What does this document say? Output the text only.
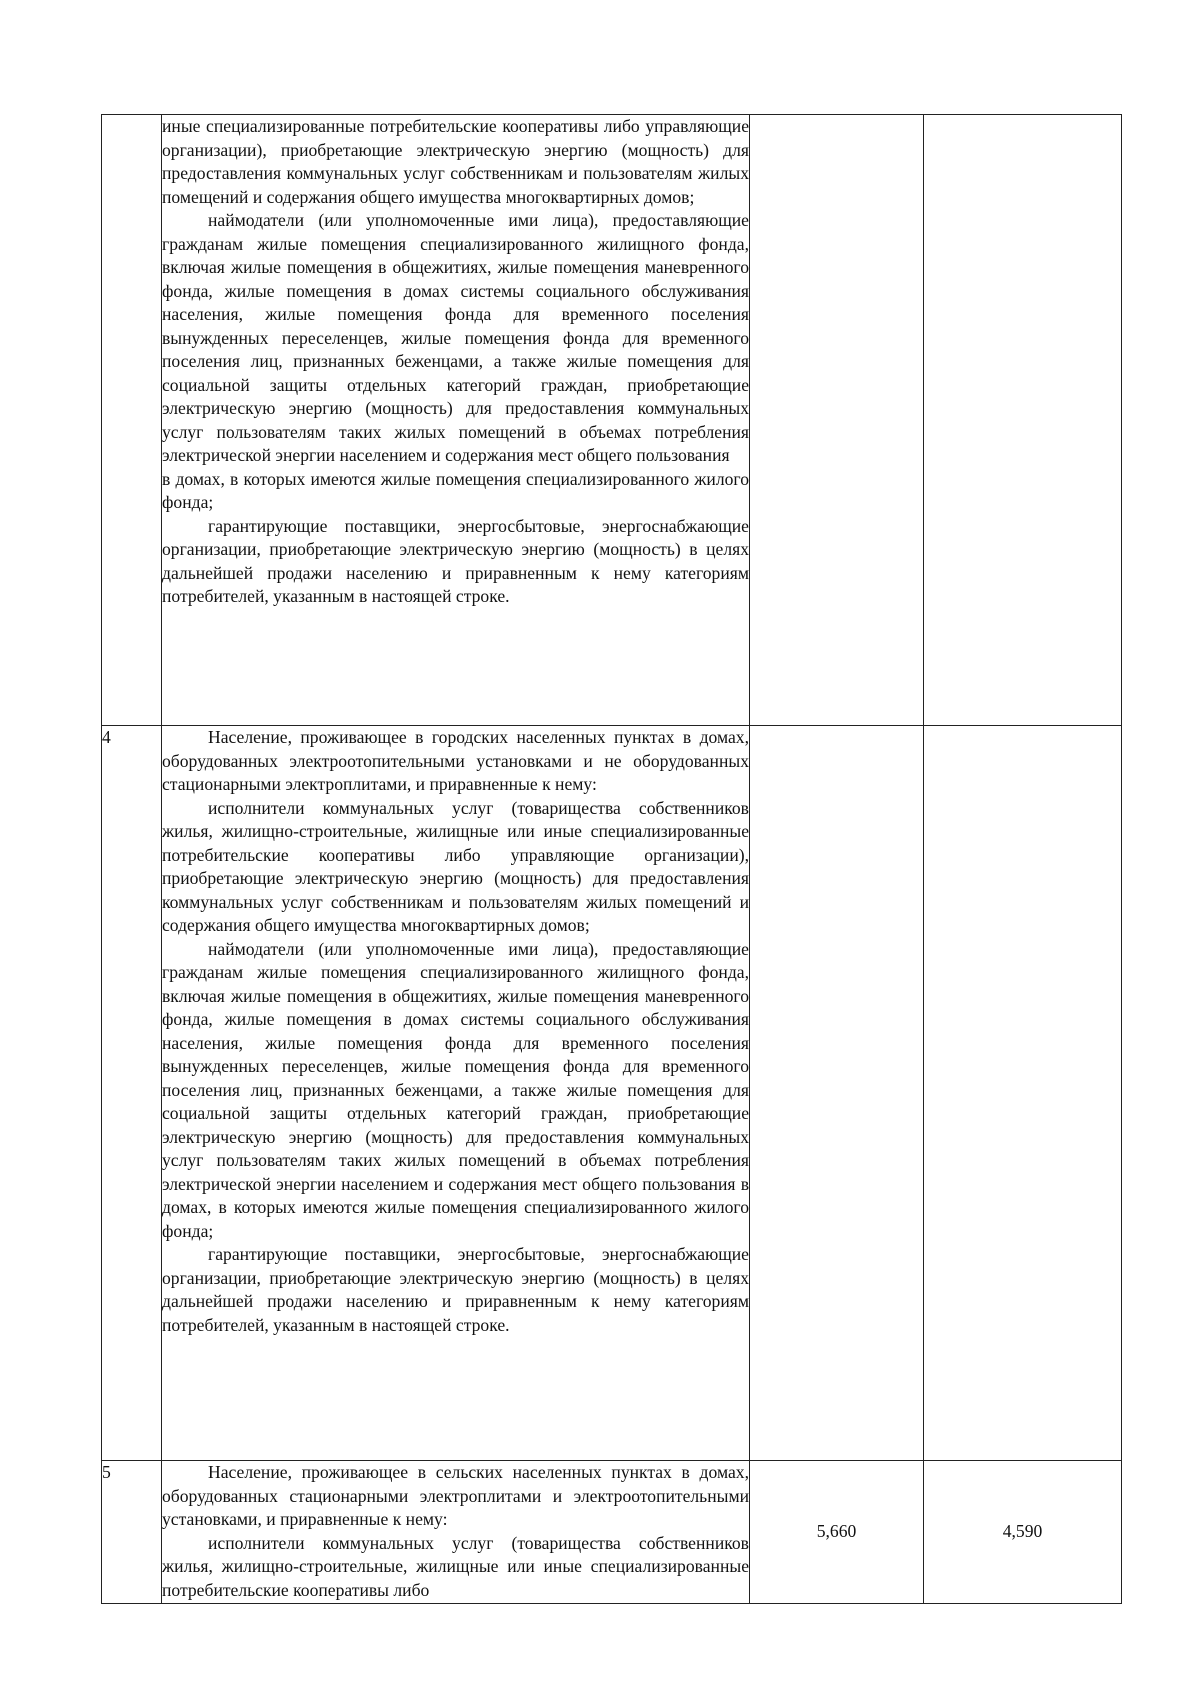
	иные специализированные потребительские кооперативы либо управляющие организации), приобретающие электрическую энергию (мощность) для предоставления коммунальных услуг собственникам и пользователям жилых помещений и содержания общего имущества многоквартирных домов;

наймодатели (или уполномоченные ими лица), предоставляющие гражданам жилые помещения специализированного жилищного фонда, включая жилые помещения в общежитиях, жилые помещения маневренного фонда, жилые помещения в домах системы социального обслуживания населения, жилые помещения фонда для временного поселения вынужденных переселенцев, жилые помещения фонда для временного поселения лиц, признанных беженцами, а также жилые помещения для социальной защиты отдельных категорий граждан, приобретающие электрическую энергию (мощность) для предоставления коммунальных услуг пользователям таких жилых помещений в объемах потребления электрической энергии населением и содержания мест общего пользования

в домах, в которых имеются жилые помещения специализированного жилого фонда;

гарантирующие поставщики, энергосбытовые, энергоснабжающие организации, приобретающие электрическую энергию (мощность) в целях дальнейшей продажи населению и приравненным к нему категориям потребителей, указанным в настоящей строке.		

4	Население, проживающее в городских населенных пунктах в домах, оборудованных электроотопительными установками и не оборудованных стационарными электроплитами, и приравненные к нему:

исполнители коммунальных услуг (товарищества собственников жилья, жилищно-строительные, жилищные или иные специализированные потребительские кооперативы либо управляющие организации), приобретающие электрическую энергию (мощность) для предоставления коммунальных услуг собственникам и пользователям жилых помещений и содержания общего имущества многоквартирных домов;

наймодатели (или уполномоченные ими лица), предоставляющие гражданам жилые помещения специализированного жилищного фонда, включая жилые помещения в общежитиях, жилые помещения маневренного фонда, жилые помещения в домах системы социального обслуживания населения, жилые помещения фонда для временного поселения вынужденных переселенцев, жилые помещения фонда для временного поселения лиц, признанных беженцами, а также жилые помещения для социальной защиты отдельных категорий граждан, приобретающие электрическую энергию (мощность) для предоставления коммунальных услуг пользователям таких жилых помещений в объемах потребления электрической энергии населением и содержания мест общего пользования в домах, в которых имеются жилые помещения специализированного жилого фонда;

гарантирующие поставщики, энергосбытовые, энергоснабжающие организации, приобретающие электрическую энергию (мощность) в целях дальнейшей продажи населению и приравненным к нему категориям потребителей, указанным в настоящей строке.		

5	Население, проживающее в сельских населенных пунктах в домах, оборудованных стационарными электроплитами и электроотопительными установками, и приравненные к нему:

исполнители коммунальных услуг (товарищества собственников жилья, жилищно-строительные, жилищные или иные специализированные потребительские кооперативы либо	5,660	4,590
